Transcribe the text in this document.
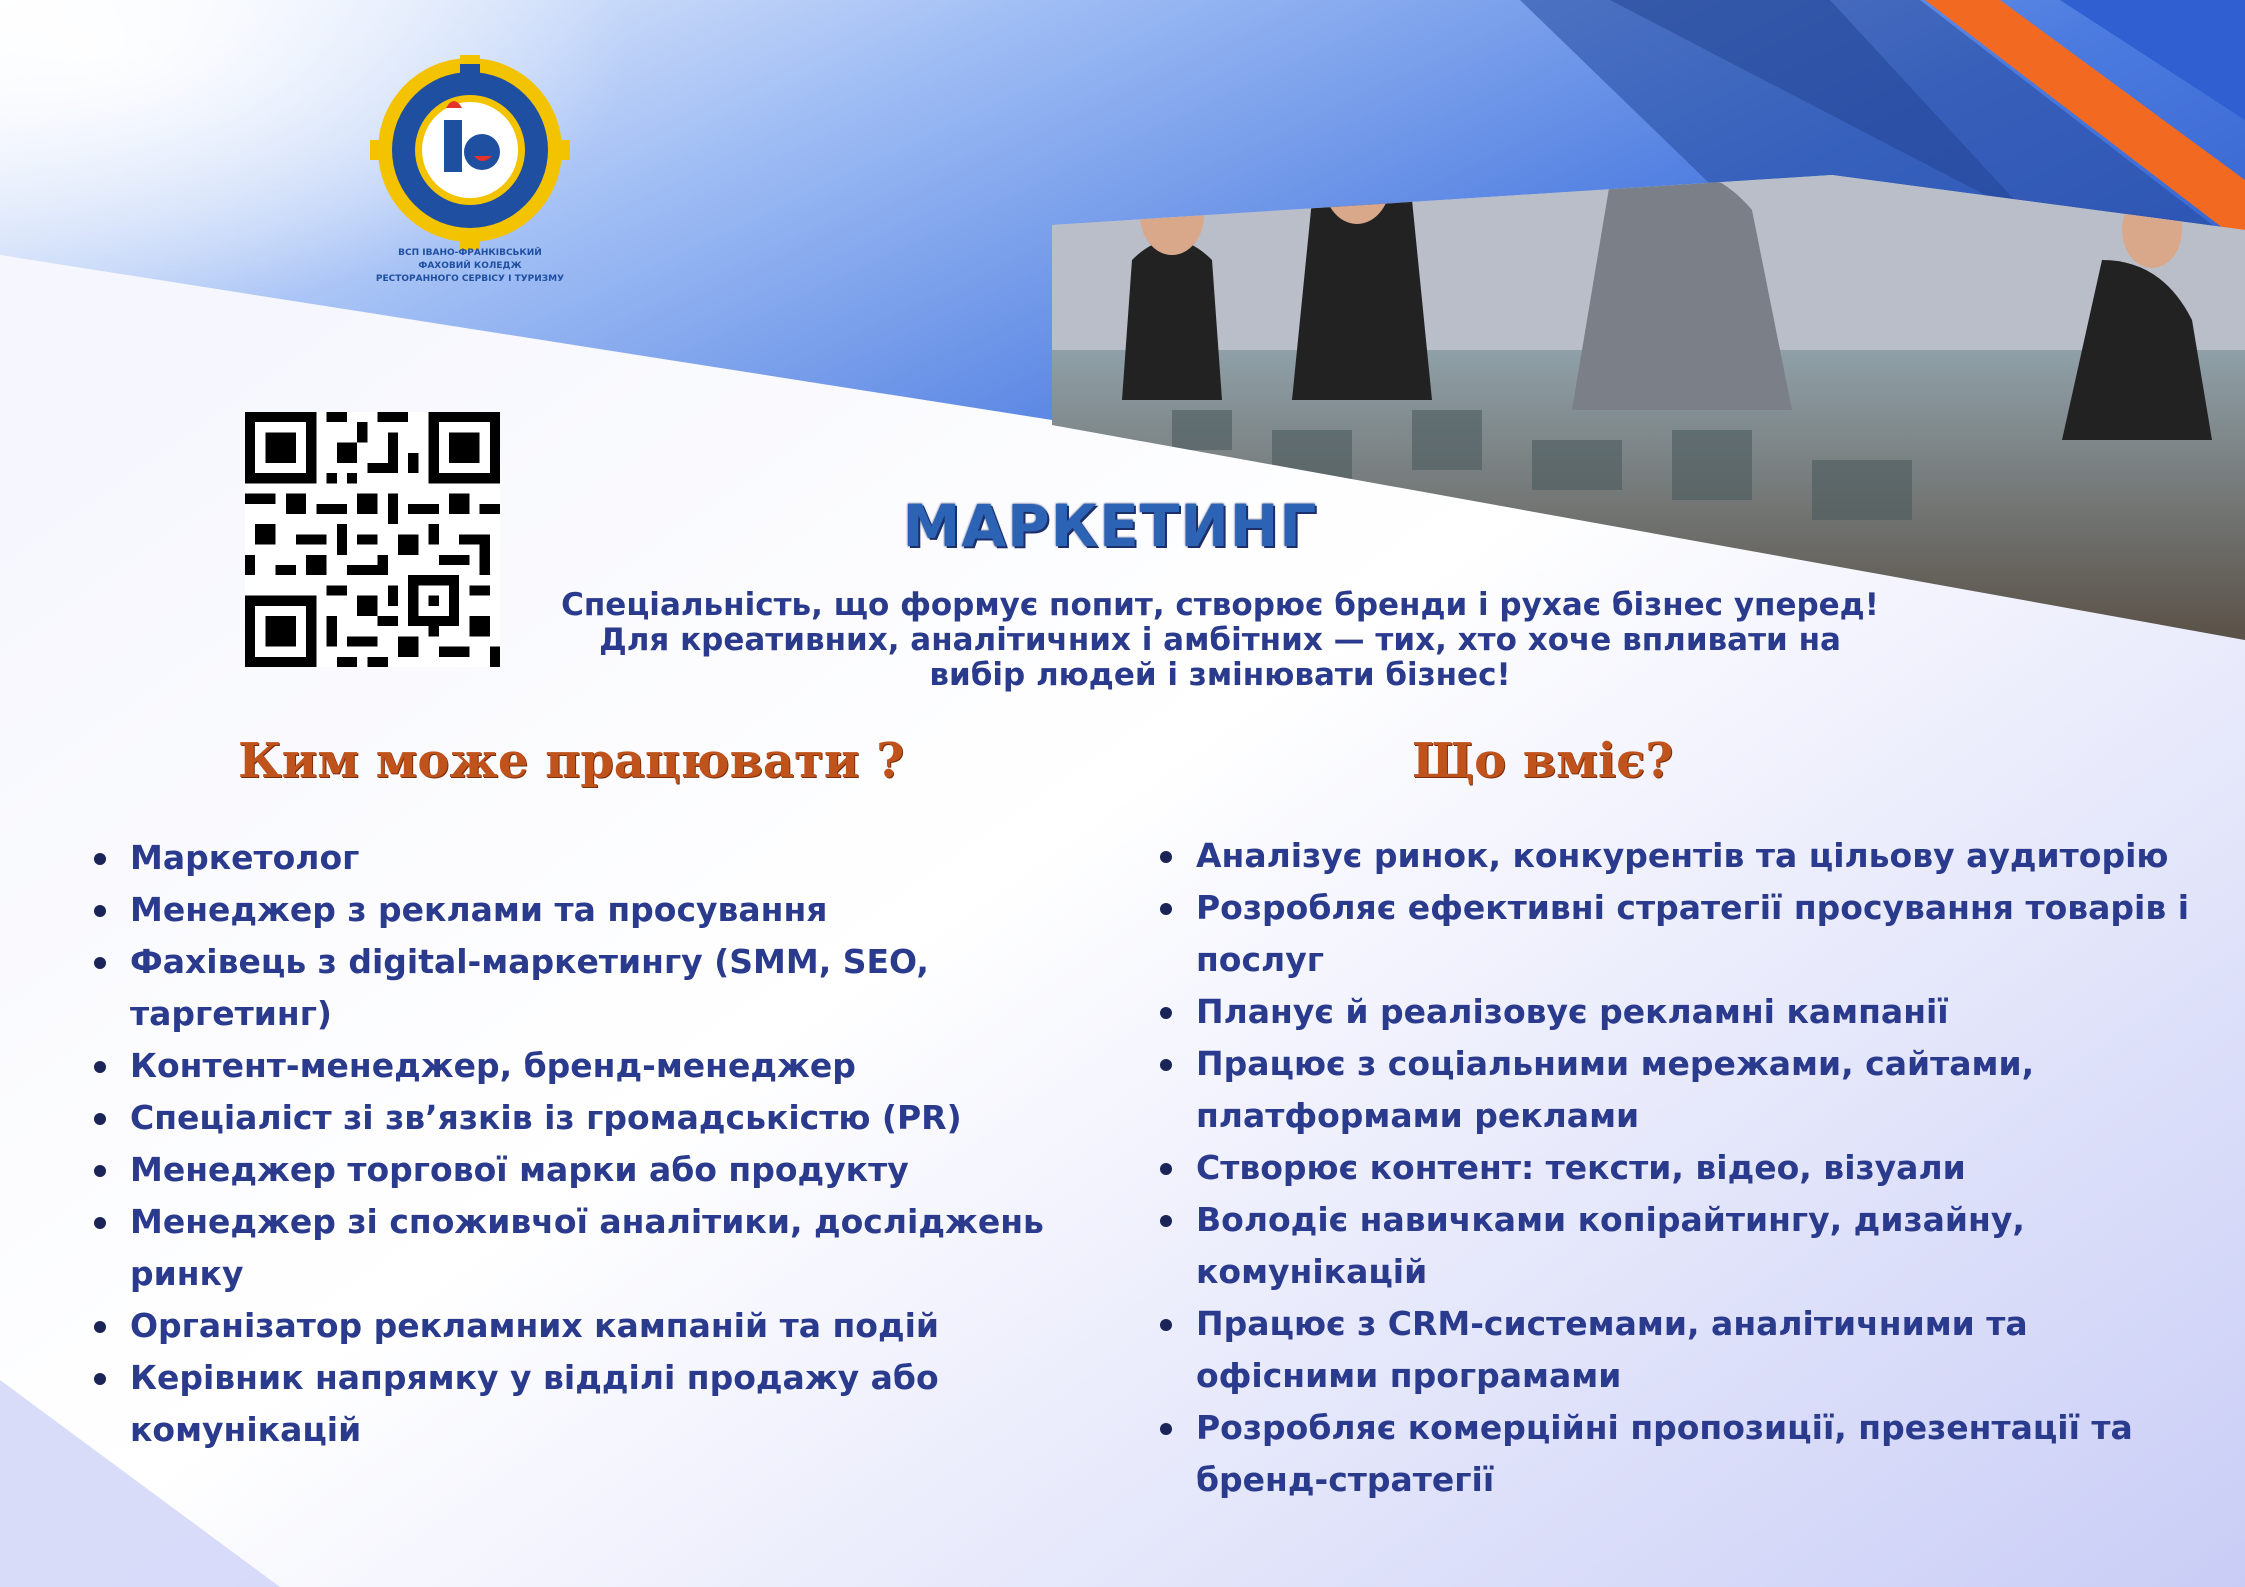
ВСП ІВАНО-ФРАНКІВСЬКИЙ
ФАХОВИЙ КОЛЕДЖ
РЕСТОРАННОГО СЕРВІСУ І ТУРИЗМУ
МАРКЕТИНГ
Спеціальність, що формує попит, створює бренди і рухає бізнес уперед!
Для креативних, аналітичних і амбітних — тих, хто хоче впливати на
вибір людей і змінювати бізнес!
Ким може працювати ?	Що вміє?
Маркетолог
Менеджер з реклами та просування
Фахівець з digital-маркетингу (SMM, SEO, таргетинг)
Контент-менеджер, бренд-менеджер
Спеціаліст зі зв’язків із громадськістю (PR)
Менеджер торгової марки або продукту
Менеджер зі споживчої аналітики, досліджень ринку
Організатор рекламних кампаній та подій
Керівник напрямку у відділі продажу або комунікацій
Аналізує ринок, конкурентів та цільову аудиторію
Розробляє ефективні стратегії просування товарів і послуг
Планує й реалізовує рекламні кампанії
Працює з соціальними мережами, сайтами, платформами реклами
Створює контент: тексти, відео, візуали
Володіє навичками копірайтингу, дизайну, комунікацій
Працює з CRM-системами, аналітичними та офісними програмами
Розробляє комерційні пропозиції, презентації та бренд-стратегії
